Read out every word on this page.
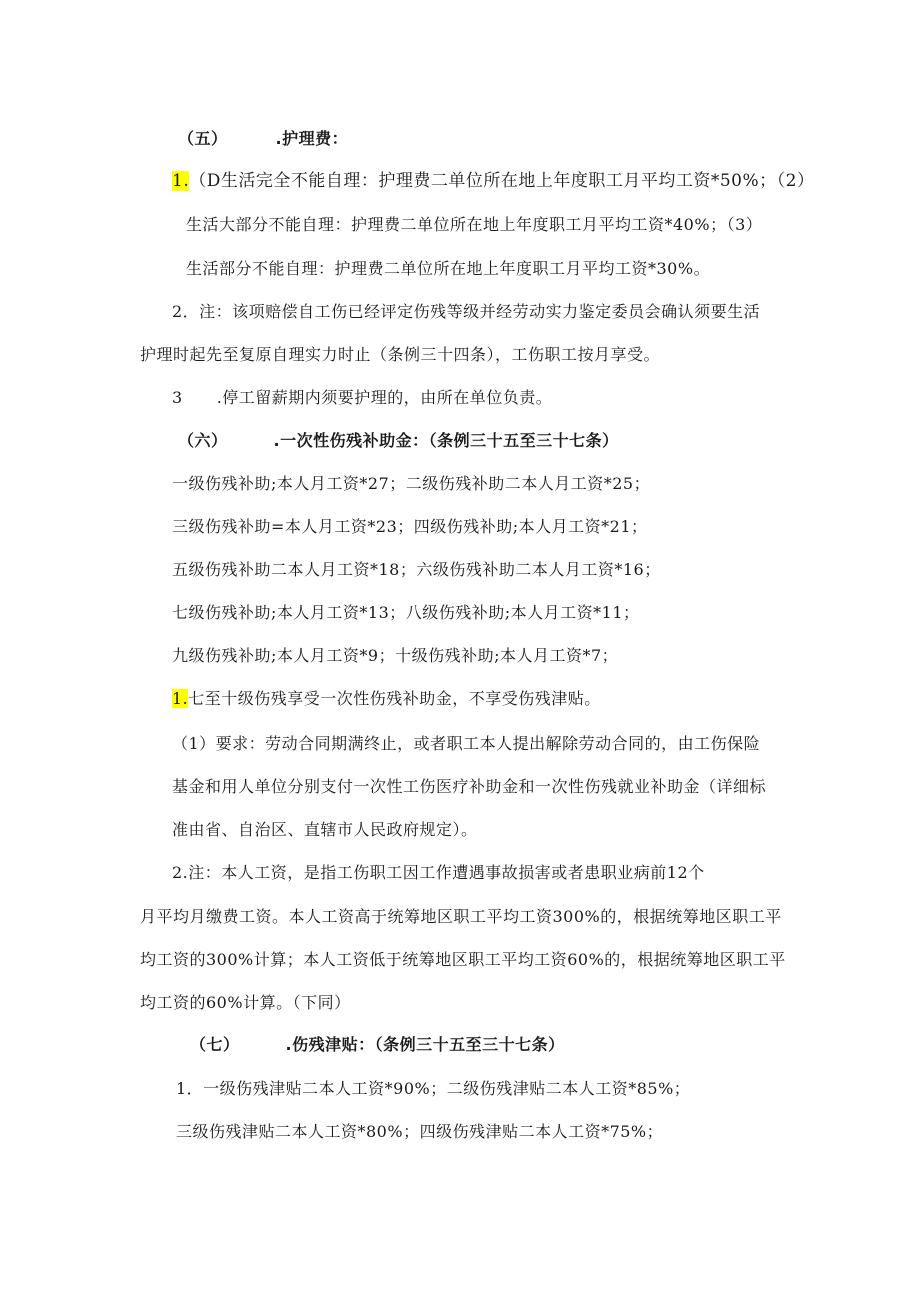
（五）	.护理费：
1.（D生活完全不能自理：护理费二单位所在地上年度职工月平均工资*50%；（2）
生活大部分不能自理：护理费二单位所在地上年度职工月平均工资*40%；（3）
生活部分不能自理：护理费二单位所在地上年度职工月平均工资*30%。
2．注：该项赔偿自工伤已经评定伤残等级并经劳动实力鉴定委员会确认须要生活
护理时起先至复原自理实力时止（条例三十四条），工伤职工按月享受。
3 .停工留薪期内须要护理的，由所在单位负责。
（六）	.一次性伤残补助金：（条例三十五至三十七条）
一级伤残补助;本人月工资*27；二级伤残补助二本人月工资*25；
三级伤残补助=本人月工资*23；四级伤残补助;本人月工资*21；
五级伤残补助二本人月工资*18；六级伤残补助二本人月工资*16；
七级伤残补助;本人月工资*13；八级伤残补助;本人月工资*11；
九级伤残补助;本人月工资*9；十级伤残补助;本人月工资*7；
1.七至十级伤残享受一次性伤残补助金，不享受伤残津贴。
（1）要求：劳动合同期满终止，或者职工本人提出解除劳动合同的，由工伤保险
基金和用人单位分别支付一次性工伤医疗补助金和一次性伤残就业补助金（详细标
准由省、自治区、直辖市人民政府规定）。
2.注：本人工资，是指工伤职工因工作遭遇事故损害或者患职业病前12个
月平均月缴费工资。本人工资高于统筹地区职工平均工资300%的，根据统筹地区职工平
均工资的300%计算；本人工资低于统筹地区职工平均工资60%的，根据统筹地区职工平
均工资的60%计算。（下同）
（七）	.伤残津贴：（条例三十五至三十七条）
1．一级伤残津贴二本人工资*90%；二级伤残津贴二本人工资*85%；
三级伤残津贴二本人工资*80%；四级伤残津贴二本人工资*75%；
